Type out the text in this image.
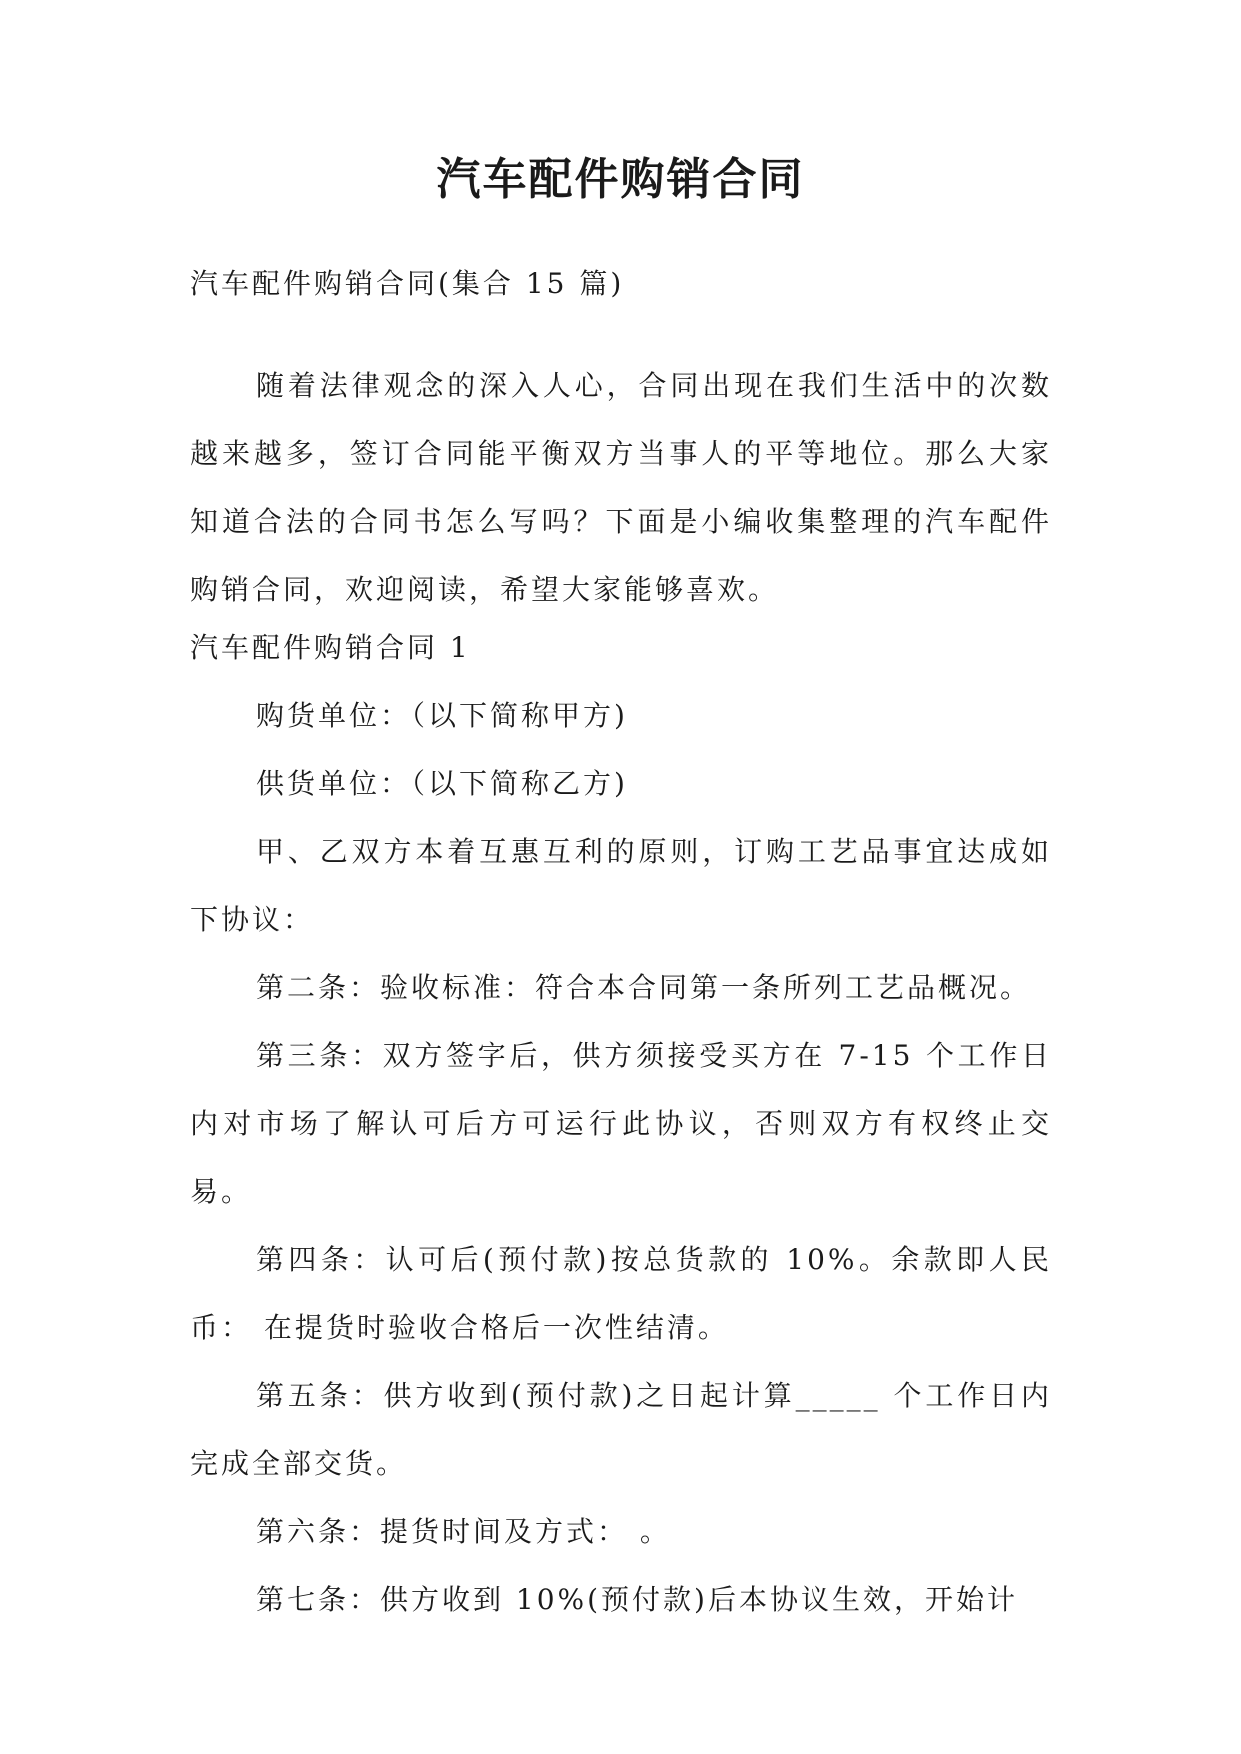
汽车配件购销合同

汽车配件购销合同(集合 15 篇)

随着法律观念的深入人心，合同出现在我们生活中的次数越来越多，签订合同能平衡双方当事人的平等地位。那么大家知道合法的合同书怎么写吗？下面是小编收集整理的汽车配件购销合同，欢迎阅读，希望大家能够喜欢。

汽车配件购销合同 1

购货单位：（以下简称甲方)

供货单位：（以下简称乙方)

甲、乙双方本着互惠互利的原则，订购工艺品事宜达成如下协议：

第二条：验收标准：符合本合同第一条所列工艺品概况。

第三条：双方签字后，供方须接受买方在 7-15 个工作日内对市场了解认可后方可运行此协议，否则双方有权终止交易。

第四条：认可后(预付款)按总货款的 10%。余款即人民币： 在提货时验收合格后一次性结清。

第五条：供方收到(预付款)之日起计算_____ 个工作日内完成全部交货。

第六条：提货时间及方式： 。

第七条：供方收到 10%(预付款)后本协议生效，开始计
